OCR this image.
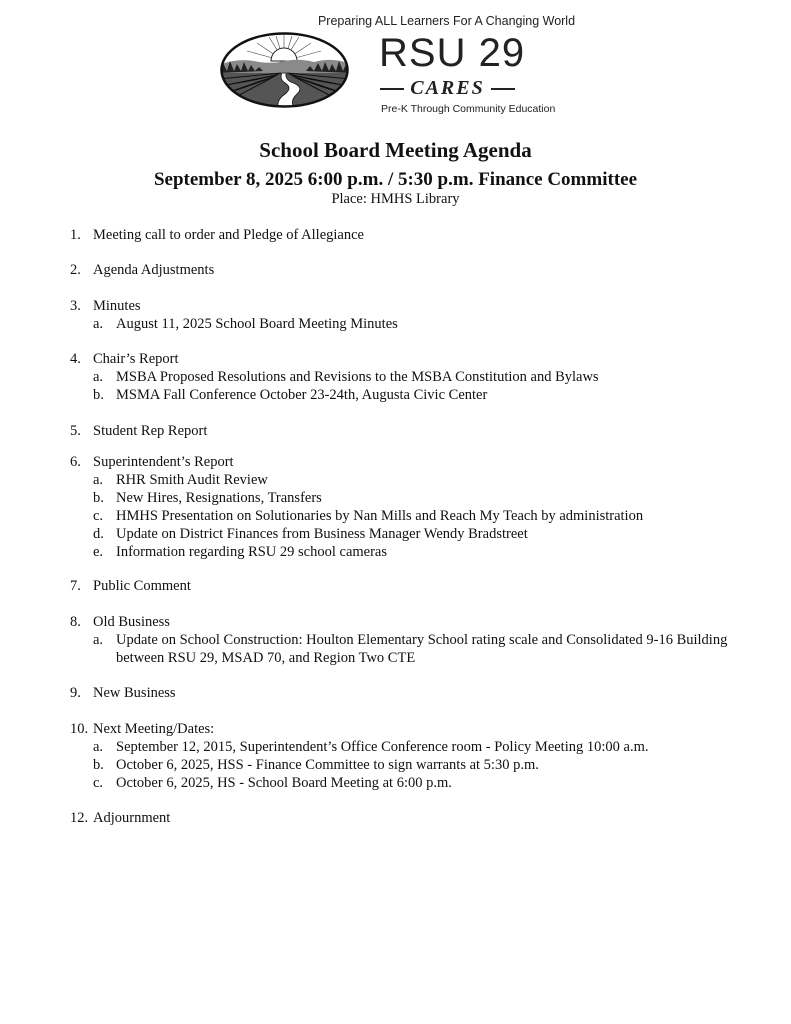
Preparing ALL Learners For A Changing World
RSU 29
CARES
Pre-K Through Community Education
School Board Meeting Agenda
September 8, 2025 6:00 p.m. / 5:30 p.m. Finance Committee
Place: HMHS Library
1. Meeting call to order and Pledge of Allegiance
2. Agenda Adjustments
3. Minutes
a. August 11, 2025 School Board Meeting Minutes
4. Chair’s Report
a. MSBA Proposed Resolutions and Revisions to the MSBA Constitution and Bylaws
b. MSMA Fall Conference October 23-24th, Augusta Civic Center
5. Student Rep Report
6. Superintendent’s Report
a. RHR Smith Audit Review
b. New Hires, Resignations, Transfers
c. HMHS Presentation on Solutionaries by Nan Mills and Reach My Teach by administration
d. Update on District Finances from Business Manager Wendy Bradstreet
e. Information regarding RSU 29 school cameras
7. Public Comment
8. Old Business
a. Update on School Construction: Houlton Elementary School rating scale and Consolidated 9-16 Building between RSU 29, MSAD 70, and Region Two CTE
9. New Business
10. Next Meeting/Dates:
a. September 12, 2015, Superintendent’s Office Conference room - Policy Meeting 10:00 a.m.
b. October 6, 2025, HSS - Finance Committee to sign warrants at 5:30 p.m.
c. October 6, 2025, HS - School Board Meeting at 6:00 p.m.
12. Adjournment
